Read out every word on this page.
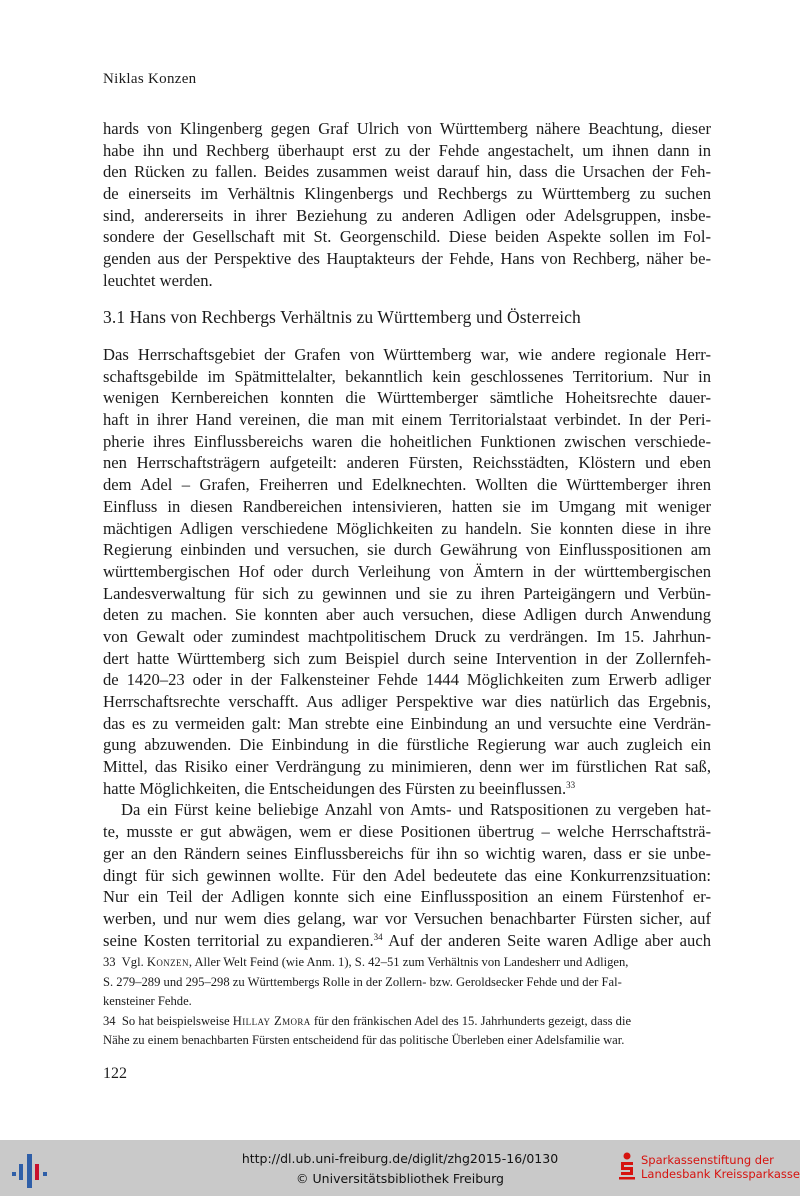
Niklas Konzen
hards von Klingenberg gegen Graf Ulrich von Württemberg nähere Beachtung, dieser
habe ihn und Rechberg überhaupt erst zu der Fehde angestachelt, um ihnen dann in
den Rücken zu fallen. Beides zusammen weist darauf hin, dass die Ursachen der Feh-
de einerseits im Verhältnis Klingenbergs und Rechbergs zu Württemberg zu suchen
sind, andererseits in ihrer Beziehung zu anderen Adligen oder Adelsgruppen, insbe-
sondere der Gesellschaft mit St. Georgenschild. Diese beiden Aspekte sollen im Fol-
genden aus der Perspektive des Hauptakteurs der Fehde, Hans von Rechberg, näher be-
leuchtet werden.
3.1 Hans von Rechbergs Verhältnis zu Württemberg und Österreich
Das Herrschaftsgebiet der Grafen von Württemberg war, wie andere regionale Herr-
schaftsgebilde im Spätmittelalter, bekanntlich kein geschlossenes Territorium. Nur in
wenigen Kernbereichen konnten die Württemberger sämtliche Hoheitsrechte dauer-
haft in ihrer Hand vereinen, die man mit einem Territorialstaat verbindet. In der Peri-
pherie ihres Einflussbereichs waren die hoheitlichen Funktionen zwischen verschiede-
nen Herrschaftsträgern aufgeteilt: anderen Fürsten, Reichsstädten, Klöstern und eben
dem Adel – Grafen, Freiherren und Edelknechten. Wollten die Württemberger ihren
Einfluss in diesen Randbereichen intensivieren, hatten sie im Umgang mit weniger
mächtigen Adligen verschiedene Möglichkeiten zu handeln. Sie konnten diese in ihre
Regierung einbinden und versuchen, sie durch Gewährung von Einflusspositionen am
württembergischen Hof oder durch Verleihung von Ämtern in der württembergischen
Landesverwaltung für sich zu gewinnen und sie zu ihren Parteigängern und Verbün-
deten zu machen. Sie konnten aber auch versuchen, diese Adligen durch Anwendung
von Gewalt oder zumindest machtpolitischem Druck zu verdrängen. Im 15. Jahrhun-
dert hatte Württemberg sich zum Beispiel durch seine Intervention in der Zollernfeh-
de 1420–23 oder in der Falkensteiner Fehde 1444 Möglichkeiten zum Erwerb adliger
Herrschaftsrechte verschafft. Aus adliger Perspektive war dies natürlich das Ergebnis,
das es zu vermeiden galt: Man strebte eine Einbindung an und versuchte eine Verdrän-
gung abzuwenden. Die Einbindung in die fürstliche Regierung war auch zugleich ein
Mittel, das Risiko einer Verdrängung zu minimieren, denn wer im fürstlichen Rat saß,
hatte Möglichkeiten, die Entscheidungen des Fürsten zu beeinflussen.$^{33}$
Da ein Fürst keine beliebige Anzahl von Amts- und Ratspositionen zu vergeben hat-
te, musste er gut abwägen, wem er diese Positionen übertrug – welche Herrschaftsträ-
ger an den Rändern seines Einflussbereichs für ihn so wichtig waren, dass er sie unbe-
dingt für sich gewinnen wollte. Für den Adel bedeutete das eine Konkurrenzsituation:
Nur ein Teil der Adligen konnte sich eine Einflussposition an einem Fürstenhof er-
werben, und nur wem dies gelang, war vor Versuchen benachbarter Fürsten sicher, auf
seine Kosten territorial zu expandieren.$^{34}$ Auf der anderen Seite waren Adlige aber auch
33 Vgl. Konzen, Aller Welt Feind (wie Anm. 1), S. 42–51 zum Verhältnis von Landesherr und Adligen,
S. 279–289 und 295–298 zu Württembergs Rolle in der Zollern- bzw. Geroldsecker Fehde und der Fal-
kensteiner Fehde.
34 So hat beispielsweise Hillay Zmora für den fränkischen Adel des 15. Jahrhunderts gezeigt, dass die
Nähe zu einem benachbarten Fürsten entscheidend für das politische Überleben einer Adelsfamilie war.
122
http://dl.ub.uni-freiburg.de/diglit/zhg2015-16/0130
© Universitätsbibliothek Freiburg
Sparkassenstiftung der
Landesbank Kreissparkasse
